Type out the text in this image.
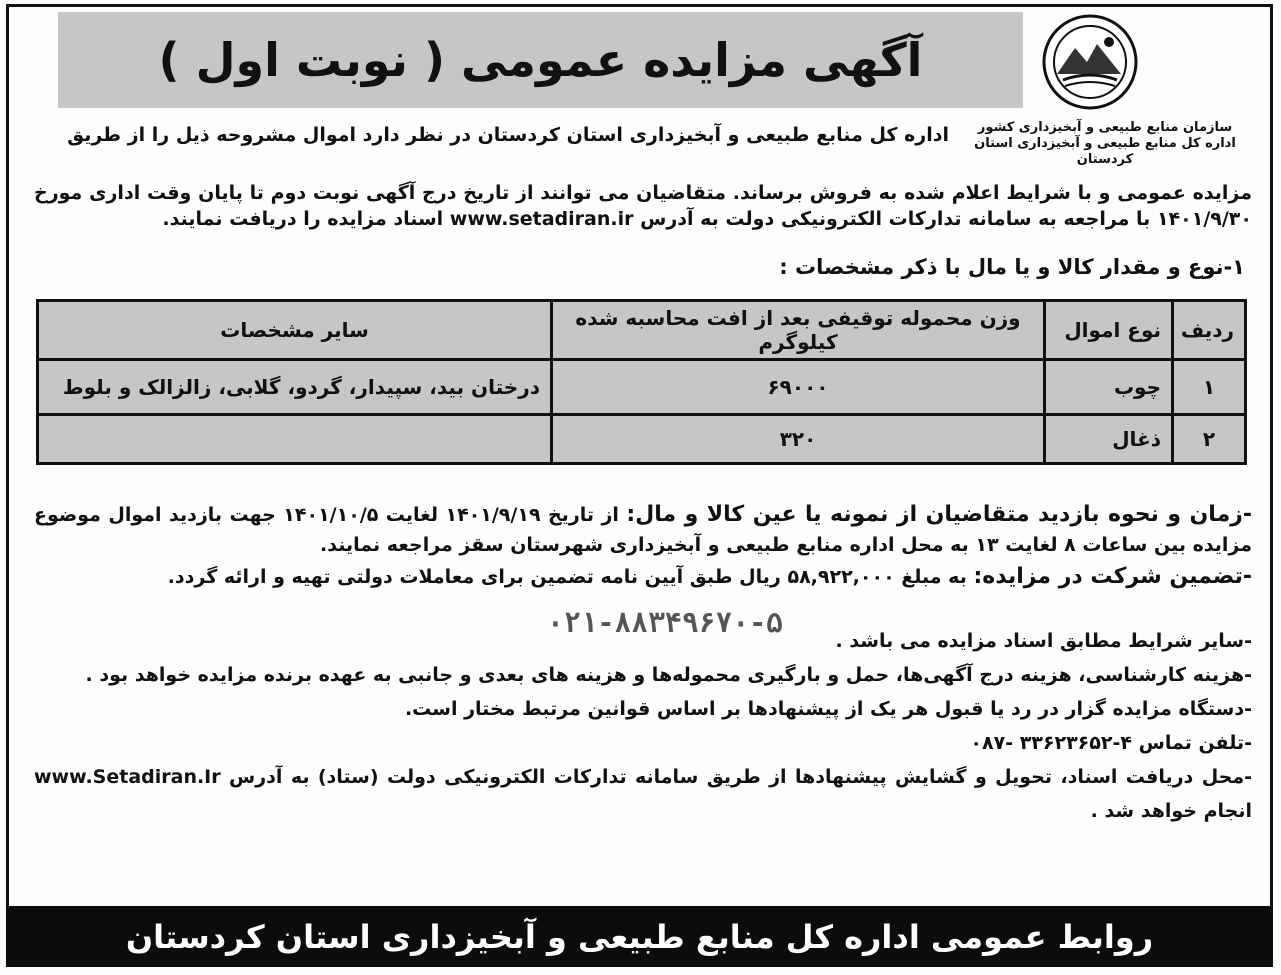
آگهی مزایده عمومی ( نوبت اول )
سازمان منابع طبیعی و آبخیزداری کشور
اداره کل منابع طبیعی و آبخیزداری استان کردستان
اداره کل منابع طبیعی و آبخیزداری استان کردستان در نظر دارد اموال مشروحه ذیل را از طریق
مزایده عمومی و با شرایط اعلام شده به فروش برساند. متقاضیان می توانند از تاریخ درج آگهی نوبت دوم تا پایان وقت اداری مورخ ۱۴۰۱/۹/۳۰ با مراجعه به سامانه تدارکات الکترونیکی دولت به آدرس www.setadiran.ir اسناد مزایده را دریافت نمایند.
۱-نوع و مقدار کالا و یا مال با ذکر مشخصات :
ردیف	نوع اموال	وزن محموله توقیفی بعد از افت محاسبه شده کیلوگرم	سایر مشخصات
۱	چوب	۶۹۰۰۰	درختان بید، سپیدار، گردو، گلابی، زالزالک و بلوط
۲	ذغال	۳۲۰	

-زمان و نحوه بازدید متقاضیان از نمونه یا عین کالا و مال: از تاریخ ۱۴۰۱/۹/۱۹ لغایت ۱۴۰۱/۱۰/۵ جهت بازدید اموال موضوع مزایده بین ساعات ۸ لغایت ۱۳ به محل اداره منابع طبیعی و آبخیزداری شهرستان سقز مراجعه نمایند.

-تضمین شرکت در مزایده: به مبلغ ۵۸,۹۲۲,۰۰۰ ریال طبق آیین نامه تضمین برای معاملات دولتی تهیه و ارائه گردد.

-سایر شرایط مطابق اسناد مزایده می باشد .

-هزینه کارشناسی، هزینه درج آگهی‌ها، حمل و بارگیری محموله‌ها و هزینه های بعدی و جانبی به عهده برنده مزایده خواهد بود .

-دستگاه مزایده گزار در رد یا قبول هر یک از پیشنهادها بر اساس قوانین مرتبط مختار است.

-تلفن تماس ۴-۳۳۶۲۳۶۵۲ -۰۸۷

-محل دریافت اسناد، تحویل و گشایش پیشنهادها از طریق سامانه تدارکات الکترونیکی دولت (ستاد) به آدرس www.Setadiran.Ir انجام خواهد شد .

۰۲۱-۸۸۳۴۹۶۷۰-۵
روابط عمومی اداره کل منابع طبیعی و آبخیزداری استان کردستان
